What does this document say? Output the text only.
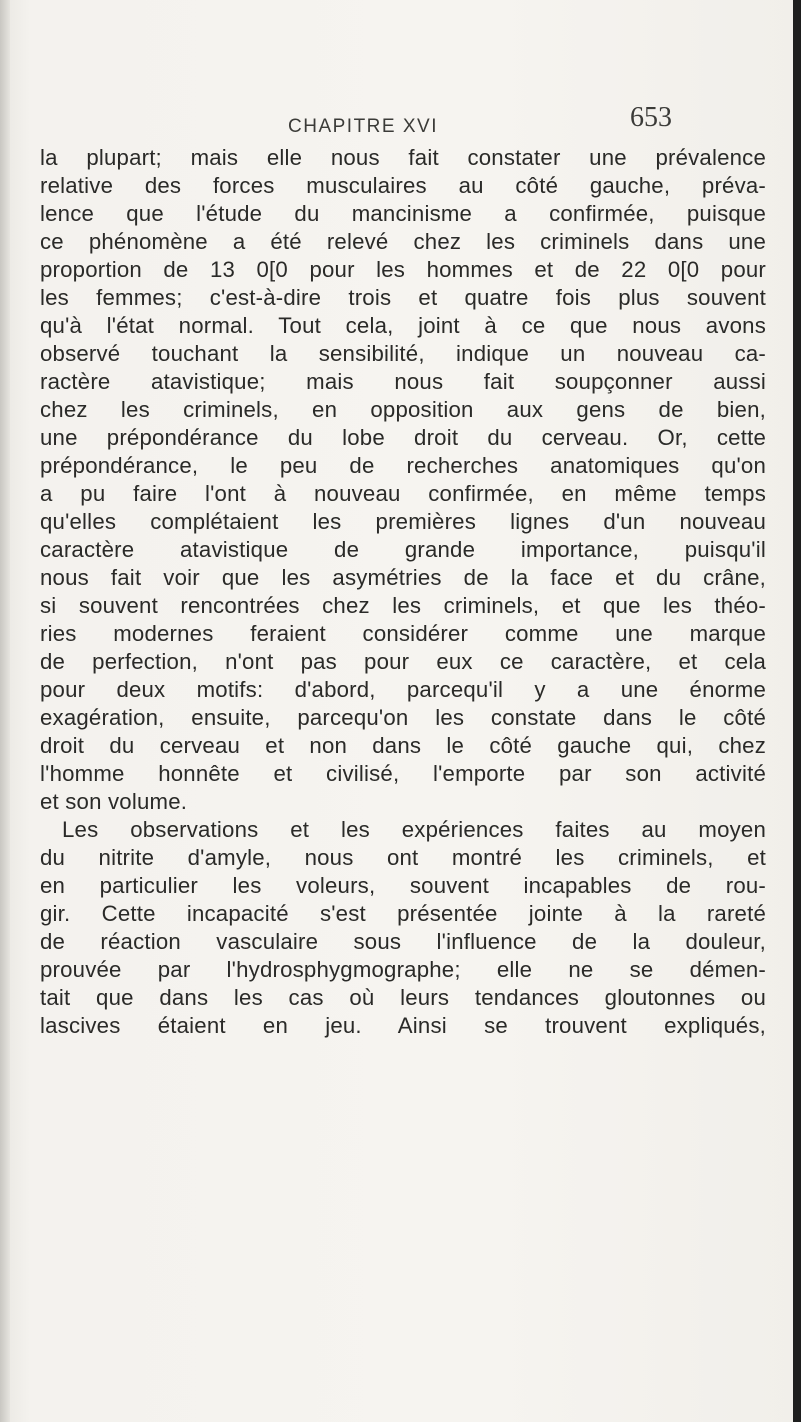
CHAPITRE XVI	653
la plupart; mais elle nous fait constater une prévalence
relative des forces musculaires au côté gauche, préva-
lence que l'étude du mancinisme a confirmée, puisque
ce phénomène a été relevé chez les criminels dans une
proportion de 13 0[0 pour les hommes et de 22 0[0 pour
les femmes; c'est-à-dire trois et quatre fois plus souvent
qu'à l'état normal. Tout cela, joint à ce que nous avons
observé touchant la sensibilité, indique un nouveau ca-
ractère atavistique; mais nous fait soupçonner aussi
chez les criminels, en opposition aux gens de bien,
une prépondérance du lobe droit du cerveau. Or, cette
prépondérance, le peu de recherches anatomiques qu'on
a pu faire l'ont à nouveau confirmée, en même temps
qu'elles complétaient les premières lignes d'un nouveau
caractère atavistique de grande importance, puisqu'il
nous fait voir que les asymétries de la face et du crâne,
si souvent rencontrées chez les criminels, et que les théo-
ries modernes feraient considérer comme une marque
de perfection, n'ont pas pour eux ce caractère, et cela
pour deux motifs: d'abord, parcequ'il y a une énorme
exagération, ensuite, parcequ'on les constate dans le côté
droit du cerveau et non dans le côté gauche qui, chez
l'homme honnête et civilisé, l'emporte par son activité
et son volume.
Les observations et les expériences faites au moyen
du nitrite d'amyle, nous ont montré les criminels, et
en particulier les voleurs, souvent incapables de rou-
gir. Cette incapacité s'est présentée jointe à la rareté
de réaction vasculaire sous l'influence de la douleur,
prouvée par l'hydrosphygmographe; elle ne se démen-
tait que dans les cas où leurs tendances gloutonnes ou
lascives étaient en jeu. Ainsi se trouvent expliqués,
